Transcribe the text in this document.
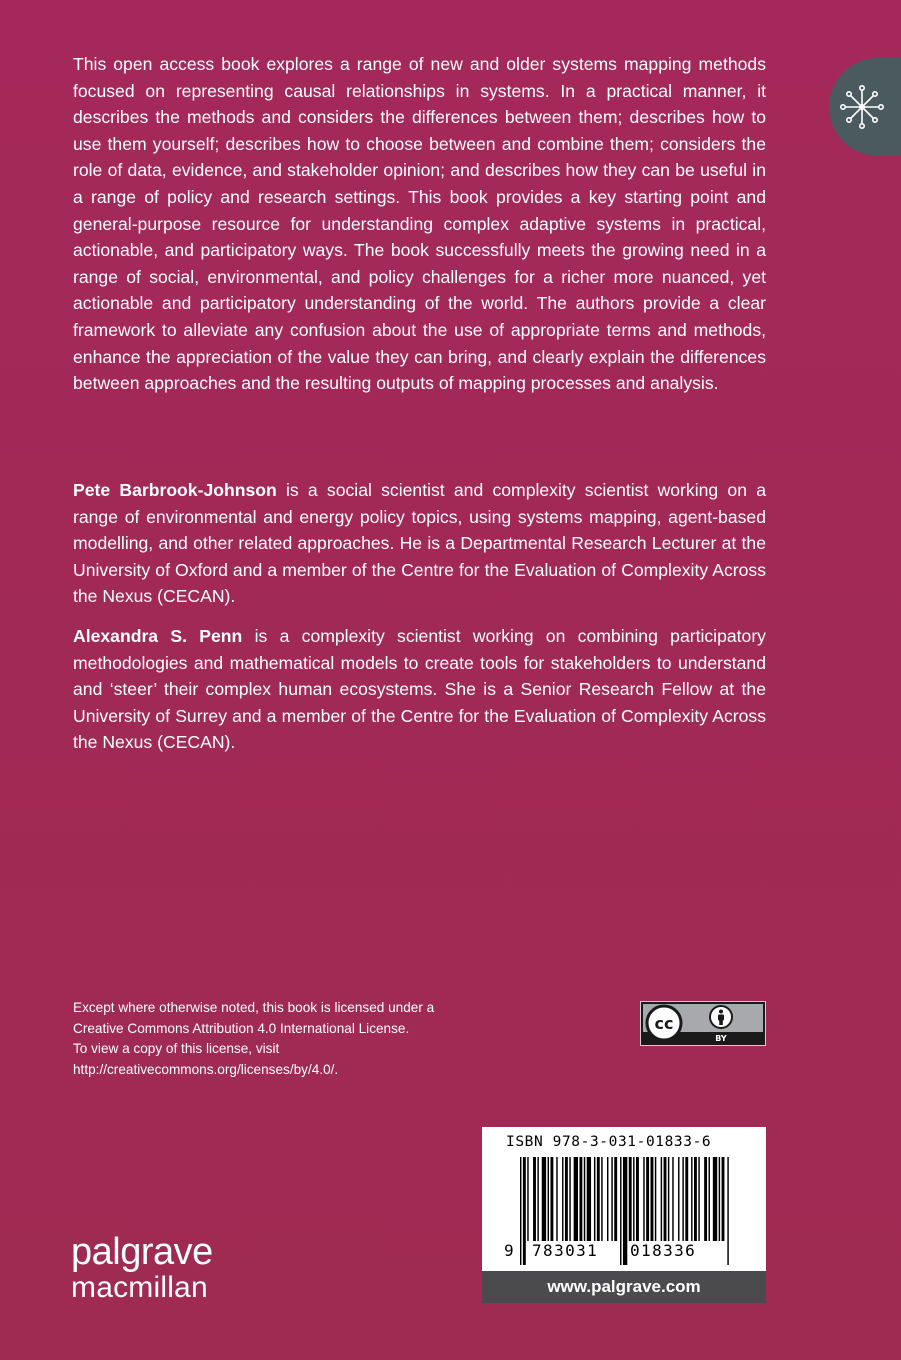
This open access book explores a range of new and older systems mapping methods focused on representing causal relationships in systems. In a practical manner, it describes the methods and considers the differences between them; describes how to use them yourself; describes how to choose between and combine them; considers the role of data, evidence, and stakeholder opinion; and describes how they can be useful in a range of policy and research settings. This book provides a key starting point and general-purpose resource for understanding complex adaptive systems in practical, actionable, and participatory ways. The book successfully meets the growing need in a range of social, environmental, and policy challenges for a richer more nuanced, yet actionable and participatory understanding of the world. The authors provide a clear framework to alleviate any confusion about the use of appropriate terms and methods, enhance the appreciation of the value they can bring, and clearly explain the differences between approaches and the resulting outputs of mapping processes and analysis.
Pete Barbrook-Johnson is a social scientist and complexity scientist working on a range of environmental and energy policy topics, using systems mapping, agent-based modelling, and other related approaches. He is a Departmental Research Lecturer at the University of Oxford and a member of the Centre for the Evaluation of Complexity Across the Nexus (CECAN).
Alexandra S. Penn is a complexity scientist working on combining participatory methodologies and mathematical models to create tools for stakeholders to understand and ‘steer’ their complex human ecosystems. She is a Senior Research Fellow at the University of Surrey and a member of the Centre for the Evaluation of Complexity Across the Nexus (CECAN).

Except where otherwise noted, this book is licensed under a

Creative Commons Attribution 4.0 International License.

To view a copy of this license, visit

http://creativecommons.org/licenses/by/4.0/.

cc
BY
ISBN 978-3-031-01833-6
9 783031 018336
www.palgrave.com
palgrave
macmillan
